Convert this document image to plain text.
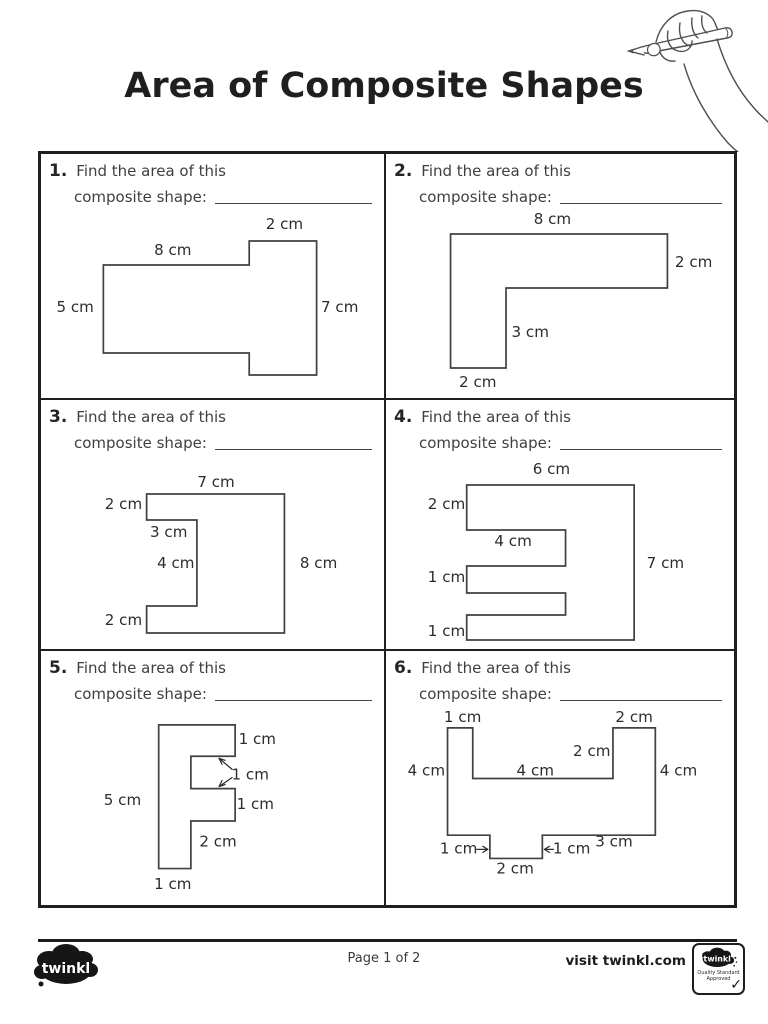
Area of Composite Shapes
1. Find the area of this
composite shape:
2 cm
8 cm
5 cm	7 cm
2. Find the area of this
composite shape:
8 cm
2 cm
3 cm
2 cm
3. Find the area of this
composite shape:
7 cm
2 cm
3 cm
4 cm
2 cm
8 cm
4. Find the area of this
composite shape:
6 cm
2 cm
4 cm
1 cm
1 cm
7 cm
5. Find the area of this
composite shape:
1 cm
1 cm
1 cm
2 cm
5 cm
1 cm
6. Find the area of this
composite shape:
1 cm	2 cm
4 cm
2 cm
4 cm	4 cm
1 cm	1 cm 3 cm
2 cm
twinkl
Page 1 of 2	visit twinkl.com twinkl
Quality Standard
Approved ✓
